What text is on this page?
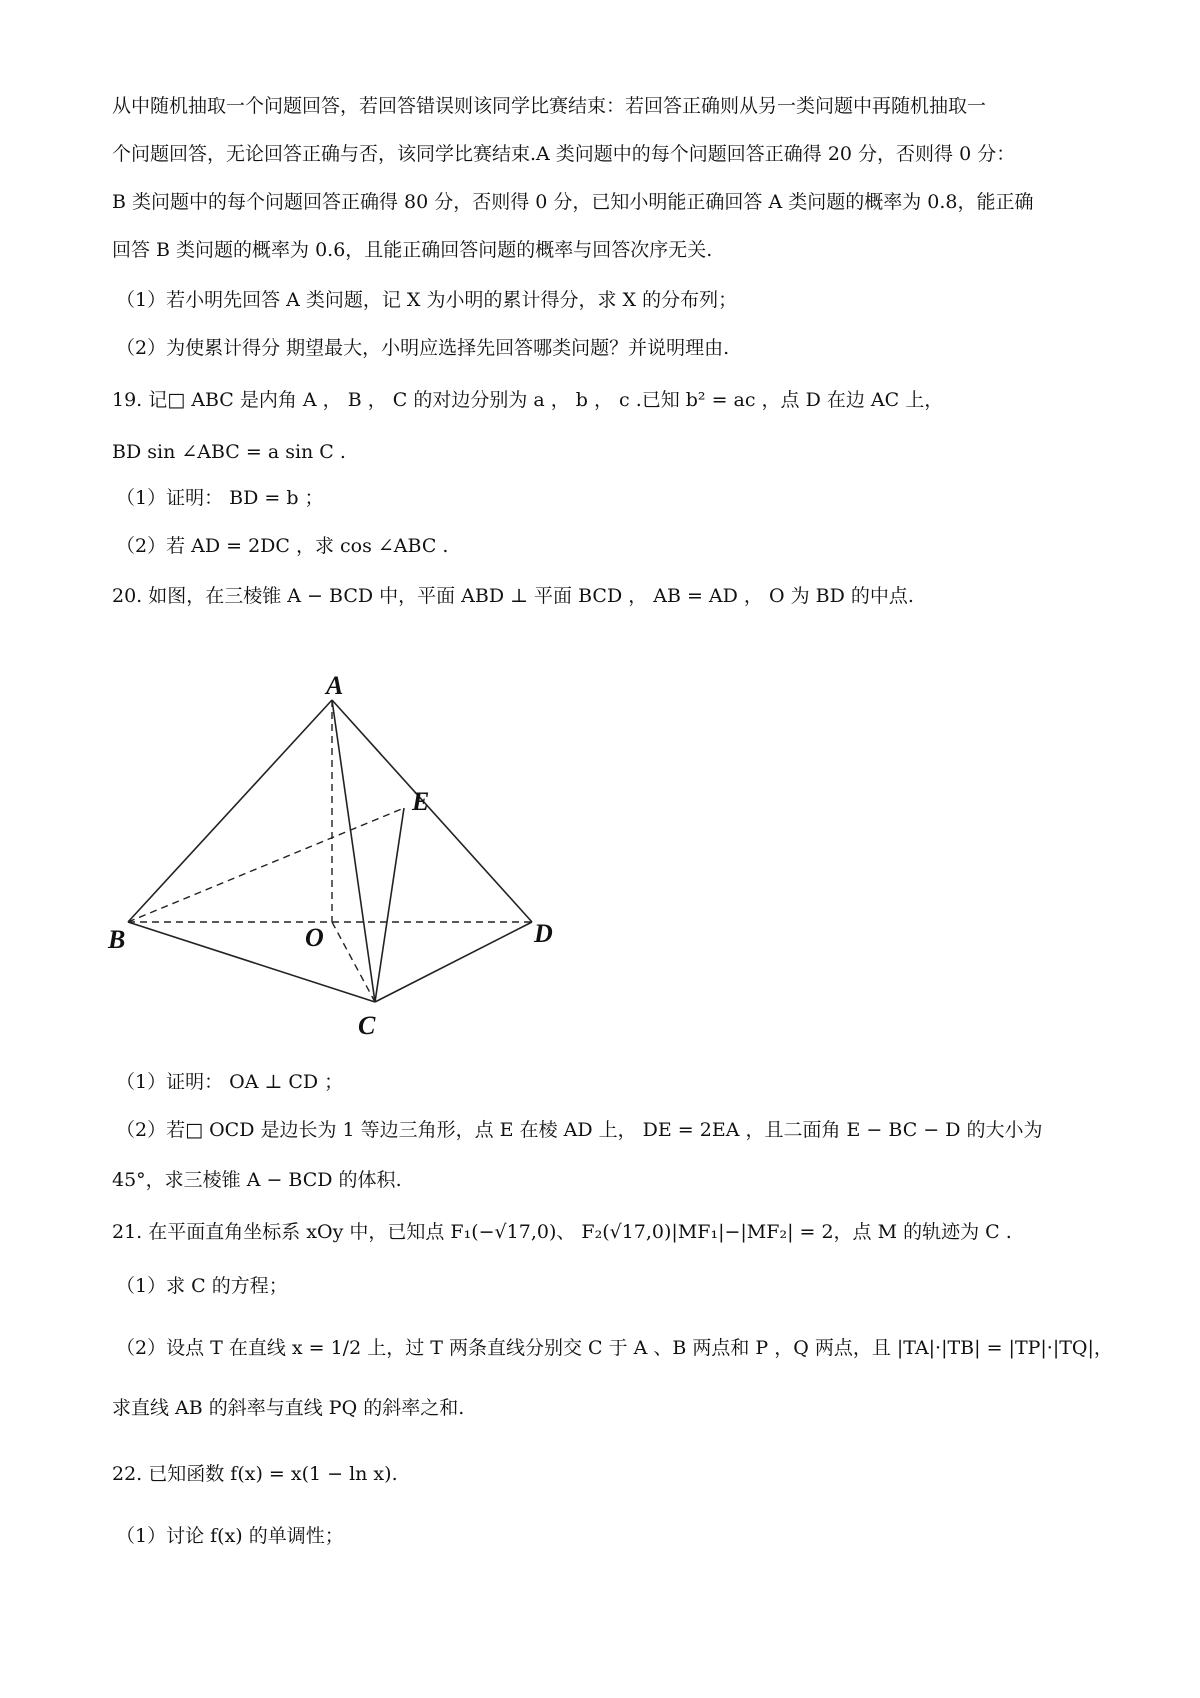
从中随机抽取一个问题回答，若回答错误则该同学比赛结束：若回答正确则从另一类问题中再随机抽取一
个问题回答，无论回答正确与否，该同学比赛结束.A 类问题中的每个问题回答正确得 20 分，否则得 0 分：
B 类问题中的每个问题回答正确得 80 分，否则得 0 分，已知小明能正确回答 A 类问题的概率为 0.8，能正确
回答 B 类问题的概率为 0.6，且能正确回答问题的概率与回答次序无关.
（1）若小明先回答 A 类问题，记 X 为小明的累计得分，求 X 的分布列；
（2）为使累计得分 期望最大，小明应选择先回答哪类问题？并说明理由.
19. 记□ ABC 是内角 A ， B ， C 的对边分别为 a ， b ， c .已知 b² = ac ，点 D 在边 AC 上，
BD sin ∠ABC = a sin C .
（1）证明： BD = b ；
（2）若 AD = 2DC ，求 cos ∠ABC .
20. 如图，在三棱锥 A − BCD 中，平面 ABD ⊥ 平面 BCD ， AB = AD ， O 为 BD 的中点.
A
E
B	O	D
C
（1）证明： OA ⊥ CD ；
（2）若□ OCD 是边长为 1 等边三角形，点 E 在棱 AD 上， DE = 2EA ，且二面角 E − BC − D 的大小为
45°，求三棱锥 A − BCD 的体积.
21. 在平面直角坐标系 xOy 中，已知点 F₁(−√17,0)、 F₂(√17,0)|MF₁|−|MF₂| = 2，点 M 的轨迹为 C .
（1）求 C 的方程；
（2）设点 T 在直线 x = 1/2 上，过 T 两条直线分别交 C 于 A 、B 两点和 P ，Q 两点，且 |TA|·|TB| = |TP|·|TQ|，
求直线 AB 的斜率与直线 PQ 的斜率之和.
22. 已知函数 f(x) = x(1 − ln x).
（1）讨论 f(x) 的单调性；
